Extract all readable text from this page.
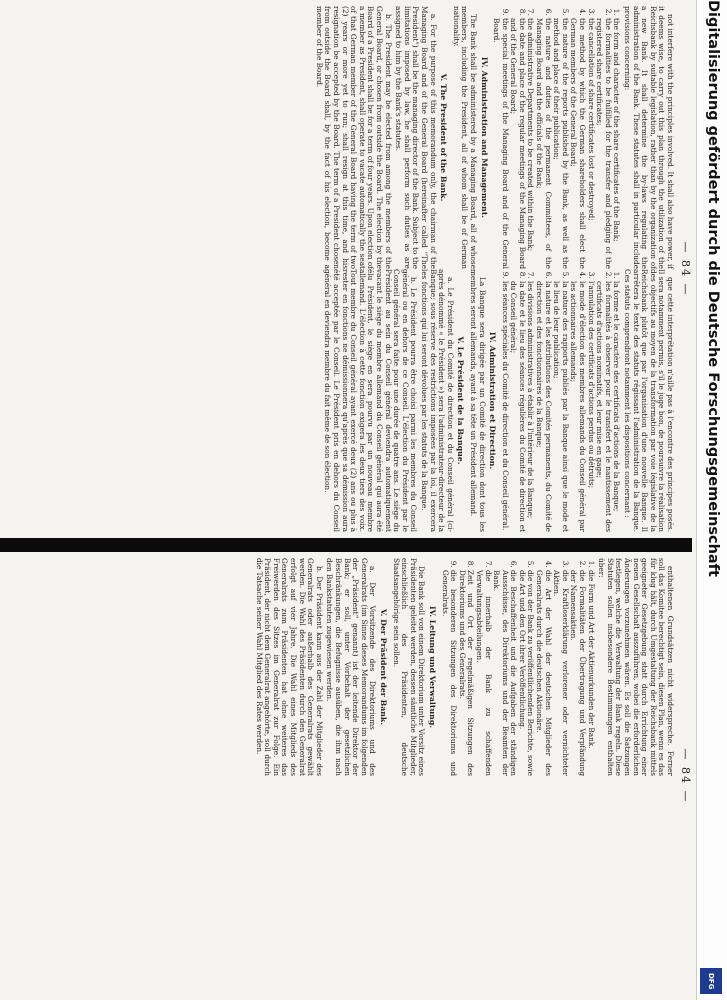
— 84 —

not interfere with the principles involved. It shall also have power, if it deems wise, to carry out this plan through the utilization of the Reichsbank by suitable legislation, rather than by the organization of a new Bank. It shall determine the by-laws regulating the administration of the Bank. These statutes shall in particular include provisions concerning:

1. the form and character of the share certificates of the Bank;
2. the formalities to be fulfilled for the transfer and pledging of the registered share certificates;
3. the cancellation of share certificates lost or destroyed;
4. the method by which the German shareholders shall elect the German members of the General Board;
5. the nature of the reports published by the Bank, as well as the method and place of their publication;
6. the nature and duties of the permanent Committees, of the Managing Board and the officials of the Bank;
7. the administrative Departments to be created within the Bank;
8. the date and place of the regular meetings of the Managing Board and of the General Board;
9. the special meetings of the Managing Board and of the General Board.
IV. Administration and Management.

The Bank shall be administered by a Managing Board, all of whose members, including the President, all of whom shall be of German nationality.

V. The President of the Bank.

a. For the purpose of this memorandum only, the chairman of the Managing Board and of the General Board (hereinafter called "The President") shall be the managing director of the Bank. Subject to the limitations imposed by law, he shall perform such duties as are assigned to him by the Bank's statutes.

b. The President may be elected from among the members of the General Board, or chosen from outside the Board. The election by the Board of a President shall be for a term of four years. Upon election of a member as President, shall operate to vacate automatically the seat of that German member of the General Board having the term of two (2) years or more yet to run; shall resign at this time, and his resignation be accepted by the Board. The term of a President chosen from outside the Board shall, by the fact of his election, become a member of the Board.

que cette interprétation n'aille pas à l'encontre des principes posés. Il sera notamment permis, s'il le juge bon, de poursuivre la réalisation des objectifs au moyen de la transformation par voie législative de la Reichsbank plutôt que par l'organisation d'une nouvelle Banque. Il arrêtera le texte des statuts régissant l'administration de la Banque. Ces statuts comprendront notamment les dispositions concernant :

1. la forme et le caractère des certificats d'actions de la Banque;
2. les formalités à observer pour le transfert et le nantissement des certificats d'actions nominatifs, et leur mise en gage;
3. l'annulation des certificats d'actions perdus ou détruits;
4. le mode d'élection des membres allemands du Conseil général par les actionnaires allemands;
5. la nature des rapports publiés par la Banque ainsi que le mode et le lieu de leur publication;
6. la nature et les attributions des Comités permanents, du Comité de direction et des fonctionnaires de la Banque;
7. les divisions administratives à établir à l'intérieur de la Banque;
8. la date et le lieu des séances régulières du Comité de direction et du Conseil général;
9. les séances spéciales du Comité de direction et du Conseil général.
IV. Administration et Direction.

La Banque sera dirigée par un Comité de direction dont tous les membres seront allemands, ayant à sa tête un Président allemand.

V. Le Président de la Banque.

a. Le Président du Comité de direction et du Conseil général (ci-après dénommé « le Président ») sera l'administrateur-directeur de la Banque; sous réserve des restrictions imposées par la loi, il exercera les fonctions qui lui seront dévolues par les statuts de la Banque.

b. Le Président pourra être choisi parmi les membres du Conseil général ou en dehors de ce Conseil. L'élection du Président par le Conseil général sera faite pour une durée de quatre ans. Le siège du Président au sein du Conseil général deviendra automatiquement vacant le siège du membre allemand du Conseil général qui aura été élu Président, le siège en sera pourvu par un nouveau membre allemand. L'élection à cette fonction exigera les deux tiers des voix. Tout membre du Conseil général ayant exercé deux (2) ans ou plus à rester en fonctions ne démissionnera qu'après que sa démission aura été acceptée par le Conseil. Le Président pris en dehors du Conseil général en deviendra membre du fait même de son élection.

— 84 —

enthaltenen Grundsätzen nicht widerspreche. Ferner soll das Komitee berechtigt sein, diesen Plan, wenn es das für klug hält, durch Umgestaltung der Reichsbank mittels geeigneter Gesetzgebung statt durch Errichtung einer neuen Gesellschaft auszuführen, wobei die erforderlichen Änderungen vorzunehmen wären. Es soll die Satzungen festlegen, welche die Verwaltung der Bank regeln. Diese Statuten sollen insbesondere Bestimmungen enthalten über:

1. die Form und Art der Aktienurkunden der Bank.
2. die Formalitäten der Übertragung und Verpfändung der Namensaktien.
3. die Kraftloserklärung verlorener oder vernichteter Aktien.
4. die Art der Wahl der deutschen Mitglieder des Generalrats durch die deutschen Aktionäre.
5. die von der Bank zu veröffentlichenden Berichte, sowie die Art und den Ort ihrer Veröffentlichung.
6. die Beschaffenheit und die Aufgaben der ständigen Ausschüsse, des Direktoriums und der Beamten der Bank.
7. die innerhalb der Bank zu schaffenden Verwaltungsabteilungen.
8. Zeit und Ort der regelmäßigen Sitzungen des Direktoriums und des Generalrats.
9. die besonderen Sitzungen des Direktoriums und Generalrats.
IV. Leitung und Verwaltung.

Die Bank soll von einem Direktorium unter Vorsitz eines Präsidenten geleitet werden, dessen sämtliche Mitglieder, einschließlich des Präsidenten, deutsche Staatsangehörige sein sollen.

V. Der Präsident der Bank.

a. Der Vorsitzende des Direktoriums und des Generalrats (im Sinne dieses Memorandums im folgenden der „Präsident“ genannt) ist der leitende Direktor der Bank; er soll, unter Vorbehalt der gesetzlichen Beschränkungen, die Befugnisse ausüben, die ihm nach den Bankstatuten zugewiesen werden.

b. Der Präsident kann aus der Zahl der Mitglieder des Generalrats oder außerhalb des Generalrats gewählt werden. Die Wahl des Präsidenten durch den Generalrat erfolgt auf vier Jahre. Die Wahl eines Mitglieds des Generalrats zum Präsidenten hat ohne weiteres das Freiwerden des Sitzes im Generalrat zur Folge. Ein Präsident, der nicht dem Generalrat angehörte, soll durch die Tatsache seiner Wahl Mitglied des Rates werden.

Digitalisierung gefördert durch die Deutsche Forschungsgemeinschaft
DFG
